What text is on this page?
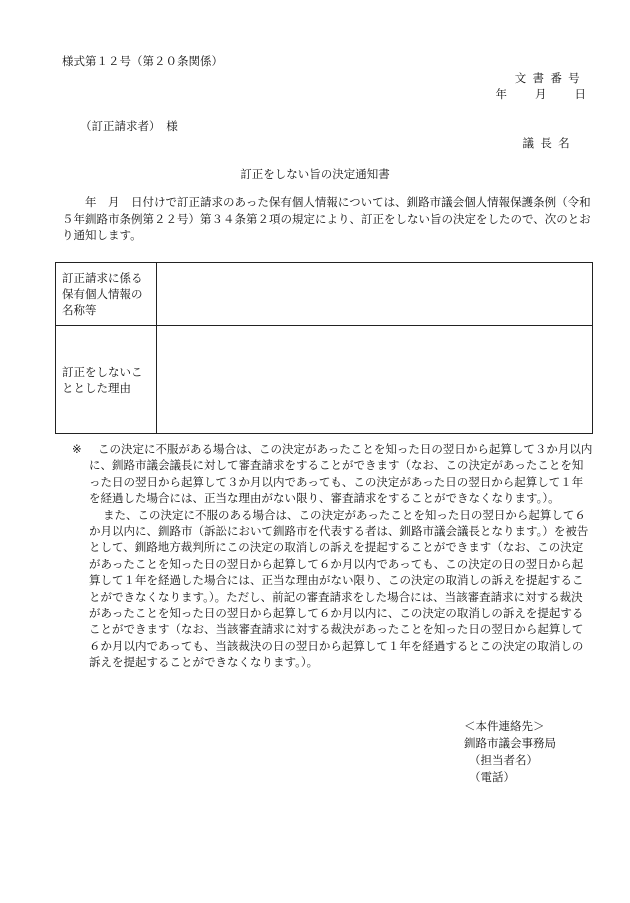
様式第１２号（第２０条関係）
文書番号
年 月 日
（訂正請求者）　様
議長名
訂正をしない旨の決定通知書
　　年　月　日付けで訂正請求のあった保有個人情報については、釧路市議会個人情報保護条例（令和５年釧路市条例第２２号）第３４条第２項の規定により、訂正をしない旨の決定をしたので、次のとおり通知します。
訂正請求に係る保有個人情報の名称等	
訂正をしないこととした理由	
※	この決定に不服がある場合は、この決定があったことを知った日の翌日から起算して３か月以内に、釧路市議会議長に対して審査請求をすることができます（なお、この決定があったことを知った日の翌日から起算して３か月以内であっても、この決定があった日の翌日から起算して１年を経過した場合には、正当な理由がない限り、審査請求をすることができなくなります。）。

また、この決定に不服のある場合は、この決定があったことを知った日の翌日から起算して６か月以内に、釧路市（訴訟において釧路市を代表する者は、釧路市議会議長となります。）を被告として、釧路地方裁判所にこの決定の取消しの訴えを提起することができます（なお、この決定があったことを知った日の翌日から起算して６か月以内であっても、この決定の日の翌日から起算して１年を経過した場合には、正当な理由がない限り、この決定の取消しの訴えを提起することができなくなります。）。ただし、前記の審査請求をした場合には、当該審査請求に対する裁決があったことを知った日の翌日から起算して６か月以内に、この決定の取消しの訴えを提起することができます（なお、当該審査請求に対する裁決があったことを知った日の翌日から起算して６か月以内であっても、当該裁決の日の翌日から起算して１年を経過するとこの決定の取消しの訴えを提起することができなくなります。）。

＜本件連絡先＞
釧路市議会事務局
（担当者名）
（電話）
